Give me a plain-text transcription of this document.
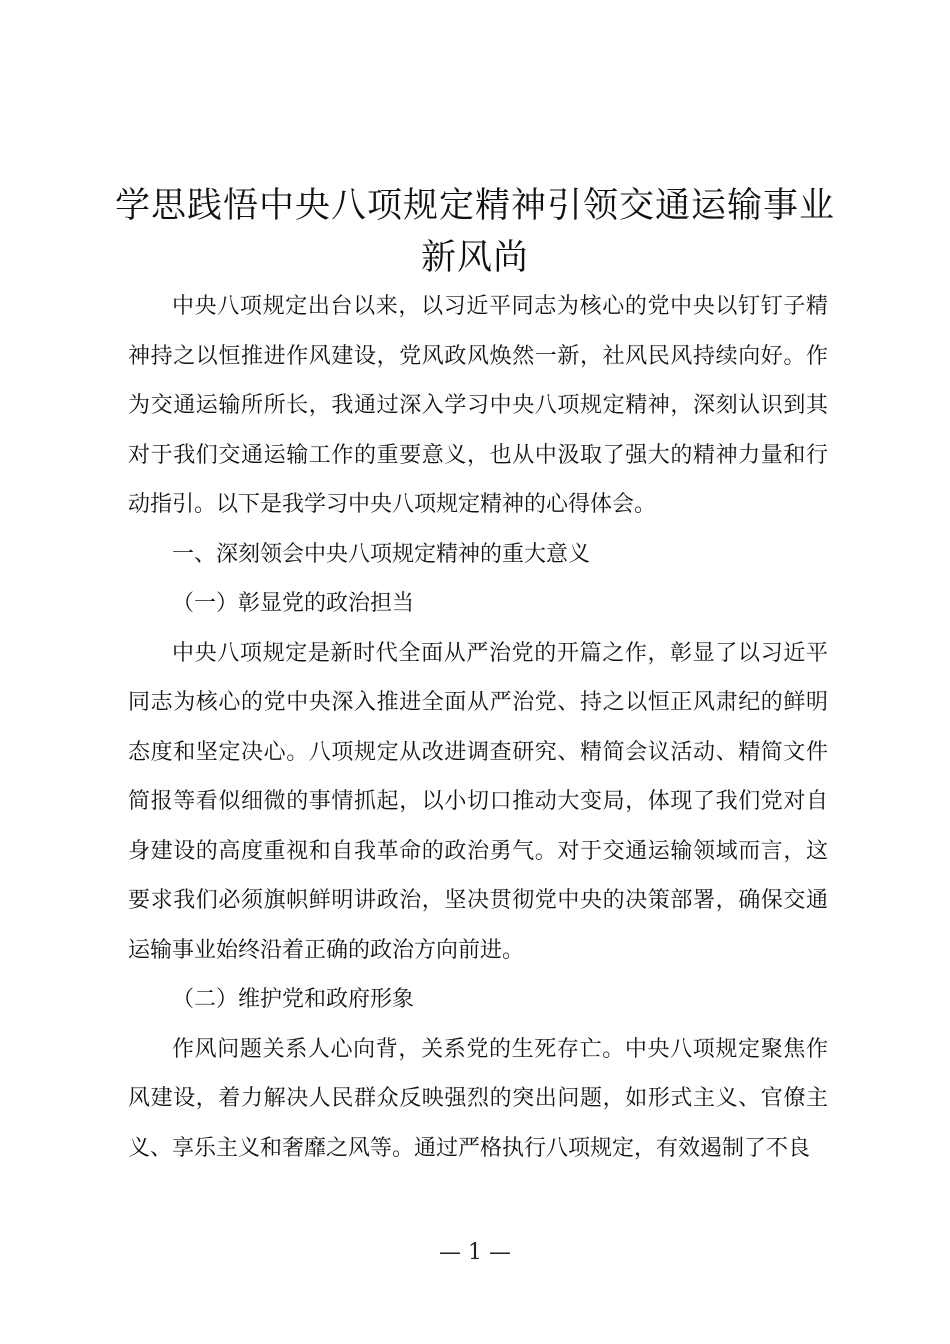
学思践悟中央八项规定精神引领交通运输事业新风尚

中央八项规定出台以来，以习近平同志为核心的党中央以钉钉子精神持之以恒推进作风建设，党风政风焕然一新，社风民风持续向好。作为交通运输所所长，我通过深入学习中央八项规定精神，深刻认识到其对于我们交通运输工作的重要意义，也从中汲取了强大的精神力量和行动指引。以下是我学习中央八项规定精神的心得体会。

一、深刻领会中央八项规定精神的重大意义

（一）彰显党的政治担当

中央八项规定是新时代全面从严治党的开篇之作，彰显了以习近平同志为核心的党中央深入推进全面从严治党、持之以恒正风肃纪的鲜明态度和坚定决心。八项规定从改进调查研究、精简会议活动、精简文件简报等看似细微的事情抓起，以小切口推动大变局，体现了我们党对自身建设的高度重视和自我革命的政治勇气。对于交通运输领域而言，这要求我们必须旗帜鲜明讲政治，坚决贯彻党中央的决策部署，确保交通运输事业始终沿着正确的政治方向前进。

（二）维护党和政府形象

作风问题关系人心向背，关系党的生死存亡。中央八项规定聚焦作风建设，着力解决人民群众反映强烈的突出问题，如形式主义、官僚主义、享乐主义和奢靡之风等。通过严格执行八项规定，有效遏制了不良

— 1 —
